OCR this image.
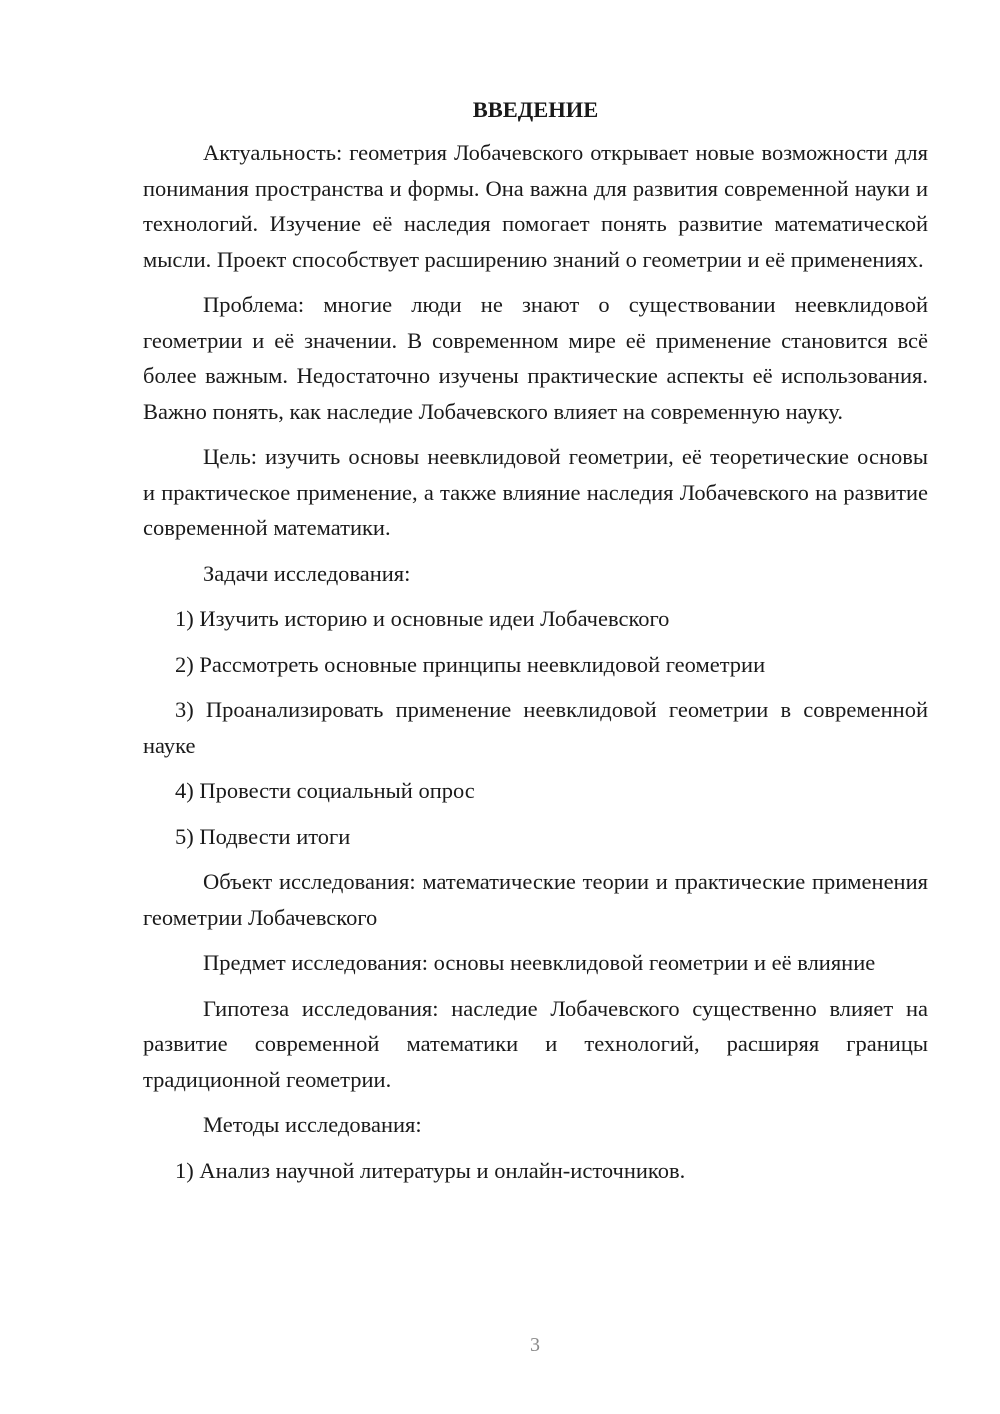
ВВЕДЕНИЕ

Актуальность: геометрия Лобачевского открывает новые возможности для понимания пространства и формы. Она важна для развития современной науки и технологий. Изучение её наследия помогает понять развитие математической мысли. Проект способствует расширению знаний о геометрии и её применениях.

Проблема: многие люди не знают о существовании неевклидовой геометрии и её значении. В современном мире её применение становится всё более важным. Недостаточно изучены практические аспекты её использования. Важно понять, как наследие Лобачевского влияет на современную науку.

Цель: изучить основы неевклидовой геометрии, её теоретические основы и практическое применение, а также влияние наследия Лобачевского на развитие современной математики.

Задачи исследования:
1) Изучить историю и основные идеи Лобачевского
2) Рассмотреть основные принципы неевклидовой геометрии
3) Проанализировать применение неевклидовой геометрии в современной науке
4) Провести социальный опрос
5) Подвести итоги

Объект исследования: математические теории и практические применения геометрии Лобачевского

Предмет исследования: основы неевклидовой геометрии и её влияние

Гипотеза исследования: наследие Лобачевского существенно влияет на развитие современной математики и технологий, расширяя границы традиционной геометрии.

Методы исследования:
1) Анализ научной литературы и онлайн-источников.
3
